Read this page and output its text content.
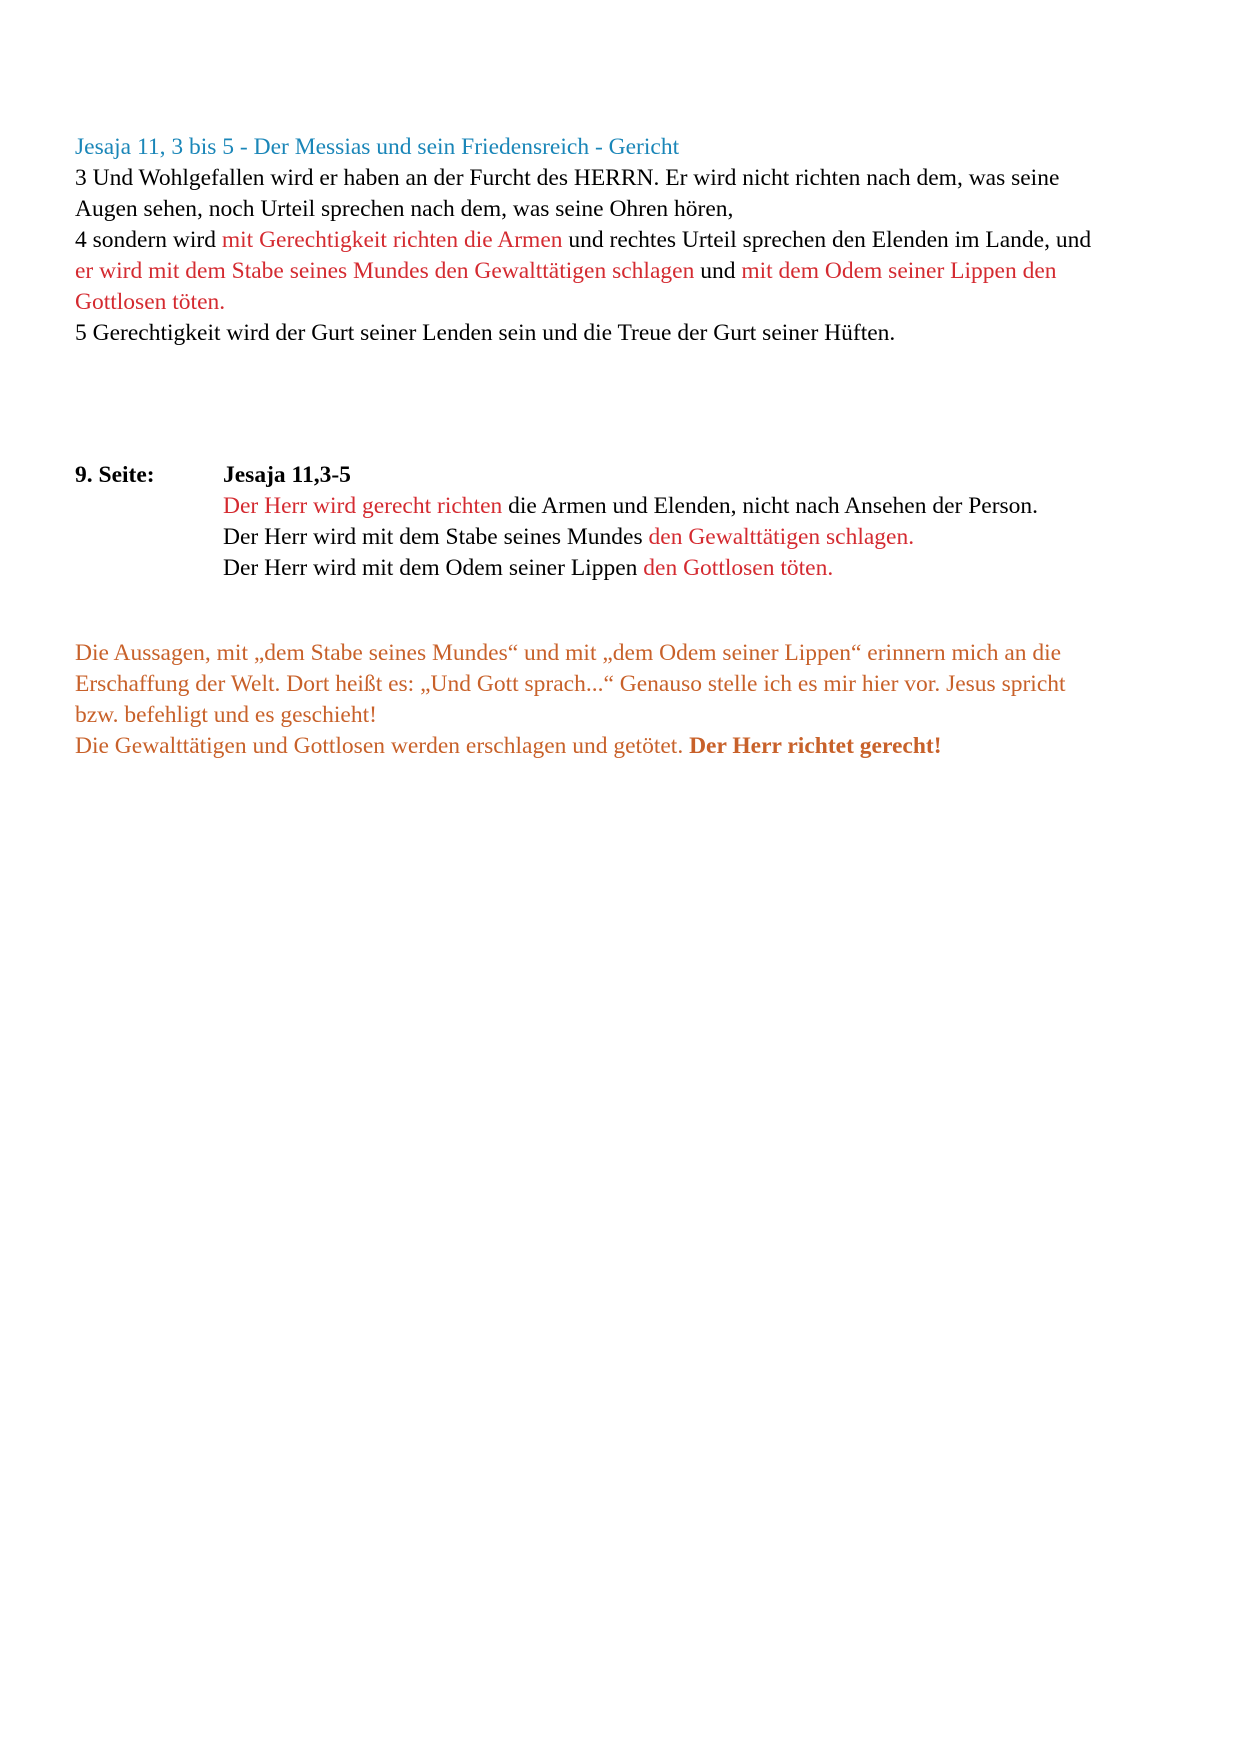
Jesaja 11, 3 bis 5 - Der Messias und sein Friedensreich - Gericht
3 Und Wohlgefallen wird er haben an der Furcht des HERRN. Er wird nicht richten nach dem, was seine
Augen sehen, noch Urteil sprechen nach dem, was seine Ohren hören,
4 sondern wird mit Gerechtigkeit richten die Armen und rechtes Urteil sprechen den Elenden im Lande, und
er wird mit dem Stabe seines Mundes den Gewalttätigen schlagen und mit dem Odem seiner Lippen den
Gottlosen töten.
5 Gerechtigkeit wird der Gurt seiner Lenden sein und die Treue der Gurt seiner Hüften.
9. Seite:	Jesaja 11,3-5
Der Herr wird gerecht richten die Armen und Elenden, nicht nach Ansehen der Person.
Der Herr wird mit dem Stabe seines Mundes den Gewalttätigen schlagen.
Der Herr wird mit dem Odem seiner Lippen den Gottlosen töten.
Die Aussagen, mit „dem Stabe seines Mundes“ und mit „dem Odem seiner Lippen“ erinnern mich an die
Erschaffung der Welt. Dort heißt es: „Und Gott sprach...“ Genauso stelle ich es mir hier vor. Jesus spricht
bzw. befehligt und es geschieht!
Die Gewalttätigen und Gottlosen werden erschlagen und getötet. Der Herr richtet gerecht!
